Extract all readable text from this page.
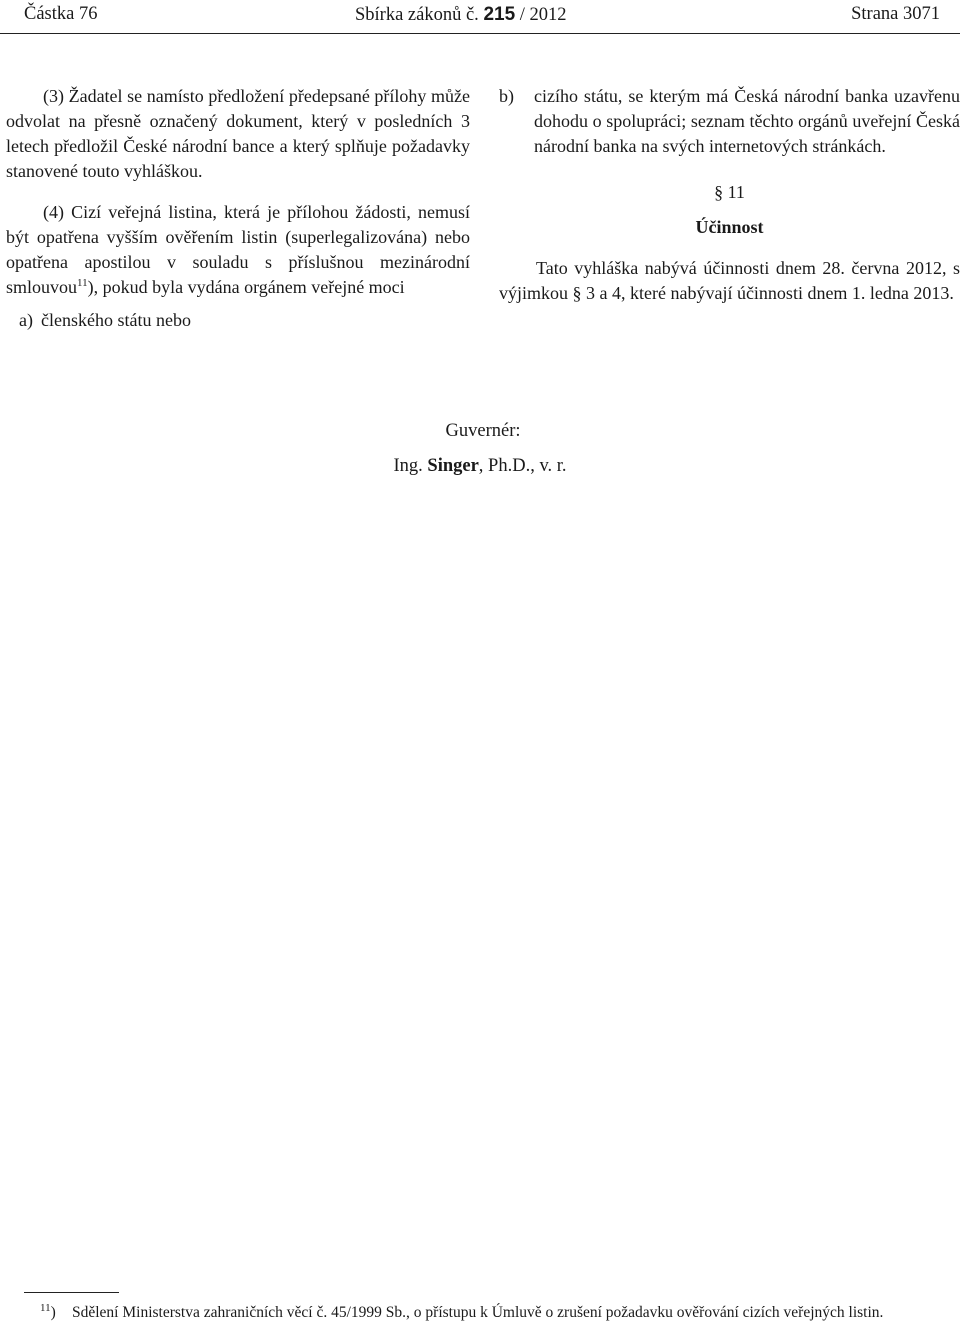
Částka 76	Sbírka zákonů č. 215 / 2012	Strana 3071

(3) Žadatel se namísto předložení předepsané přílohy může odvolat na přesně označený dokument, který v posledních 3 letech předložil České národní bance a který splňuje požadavky stanovené touto vyhláškou.

(4) Cizí veřejná listina, která je přílohou žádosti, nemusí být opatřena vyšším ověřením listin (superlegalizována) nebo opatřena apostilou v souladu s příslušnou mezinárodní smlouvou$^{11}$), pokud byla vydána orgánem veřejné moci

a) členského státu nebo
b) cizího státu, se kterým má Česká národní banka uzavřenu dohodu o spolupráci; seznam těchto orgánů uveřejní Česká národní banka na svých internetových stránkách.
§ 11
Účinnost

Tato vyhláška nabývá účinnosti dnem 28. června 2012, s výjimkou § 3 a 4, které nabývají účinnosti dnem 1. ledna 2013.

Guvernér:
Ing. Singer, Ph.D., v. r.
$^{11}$)	Sdělení Ministerstva zahraničních věcí č. 45/1999 Sb., o přístupu k Úmluvě o zrušení požadavku ověřování cizích veřejných listin.
